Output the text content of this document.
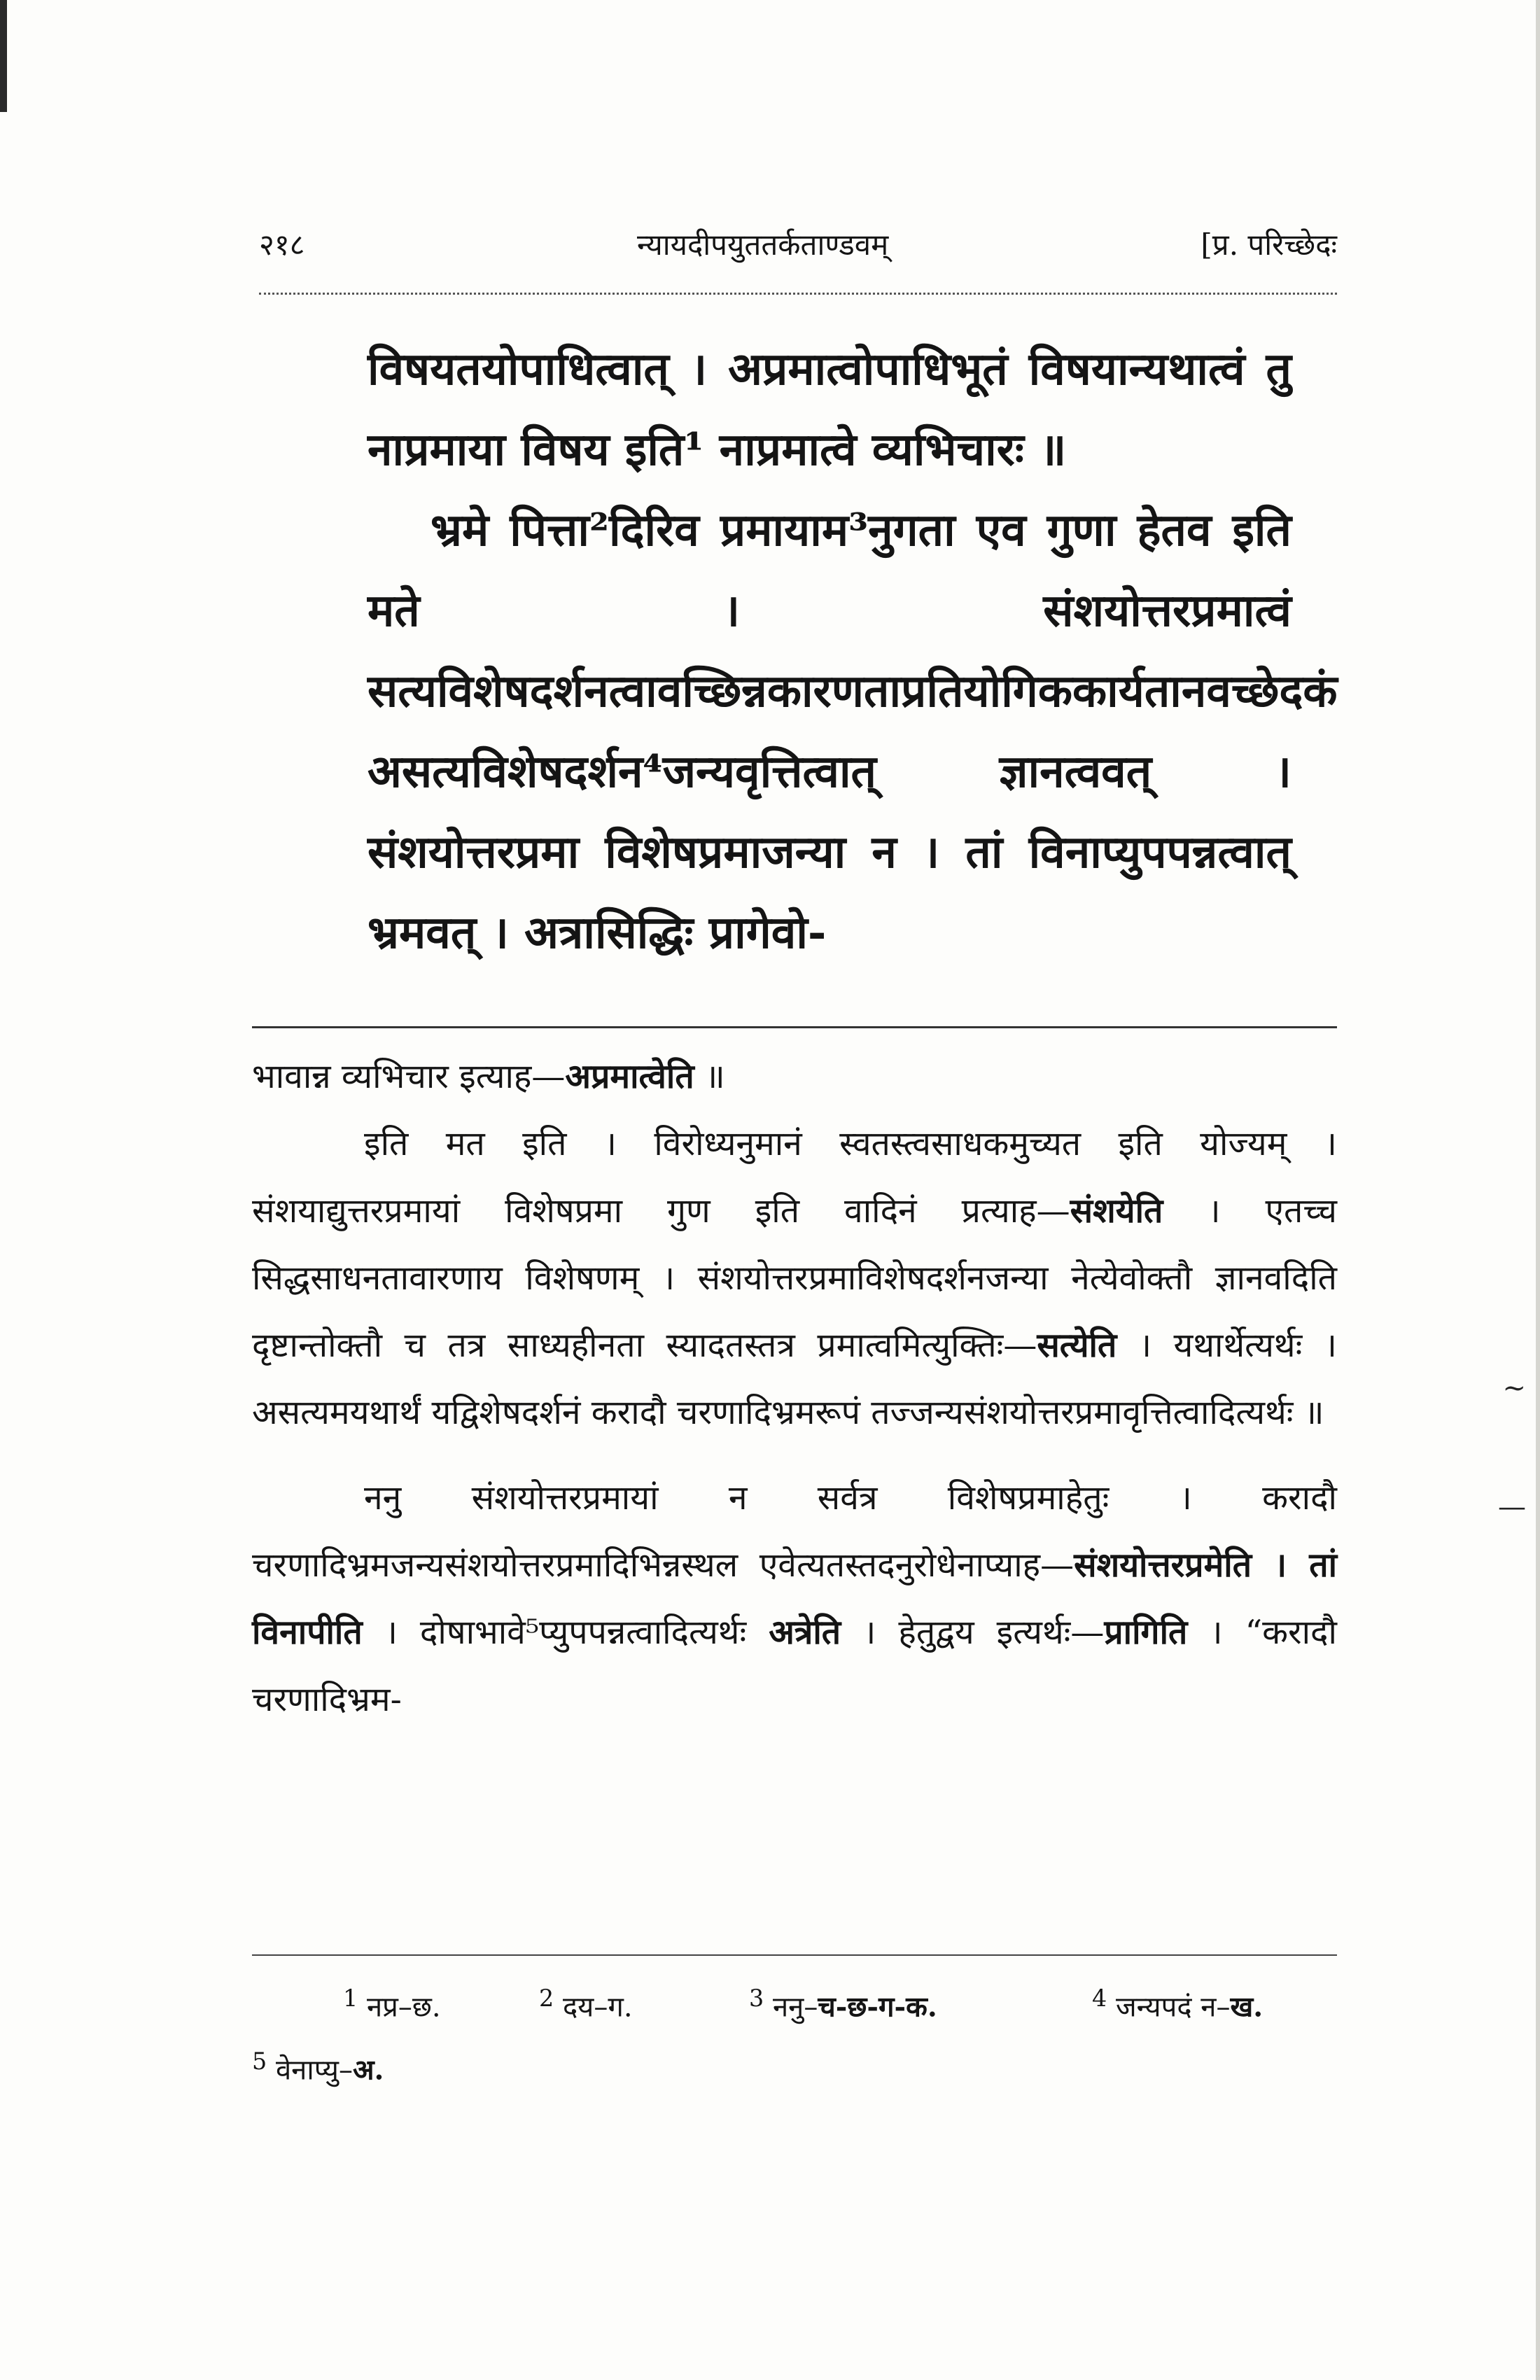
२१८	न्यायदीपयुततर्कताण्डवम्	[प्र. परिच्छेदः

विषयतयोपाधित्वात् । अप्रमात्वोपाधिभूतं विषयान्यथात्वं तु नाप्रमाया विषय इति¹ नाप्रमात्वे व्यभिचारः ॥

भ्रमे पित्ता²दिरिव प्रमायाम³नुगता एव गुणा हेतव इति मते । संशयोत्तरप्रमात्वं सत्यविशेषदर्शनत्वावच्छिन्नकारणताप्रतियोगिककार्यतानवच्छेदकं असत्यविशेषदर्शन⁴जन्यवृत्तित्वात् ज्ञानत्ववत् । संशयोत्तरप्रमा विशेषप्रमाजन्या न । तां विनाप्युपपन्नत्वात् भ्रमवत् । अत्रासिद्धिः प्रागेवो-

भावान्न व्यभिचार इत्याह—अप्रमात्वेति ॥

इति मत इति । विरोध्यनुमानं स्वतस्त्वसाधकमुच्यत इति योज्यम् । संशयाद्युत्तरप्रमायां विशेषप्रमा गुण इति वादिनं प्रत्याह—संशयेति । एतच्च सिद्धसाधनतावारणाय विशेषणम् । संशयोत्तरप्रमाविशेषदर्शनजन्या नेत्येवोक्तौ ज्ञानवदिति दृष्टान्तोक्तौ च तत्र साध्यहीनता स्यादतस्तत्र प्रमात्वमित्युक्तिः—सत्येति । यथार्थेत्यर्थः । असत्यमयथार्थं यद्विशेषदर्शनं करादौ चरणादिभ्रमरूपं तज्जन्यसंशयोत्तरप्रमावृत्तित्वादित्यर्थः ॥

ननु संशयोत्तरप्रमायां न सर्वत्र विशेषप्रमाहेतुः । करादौ चरणादिभ्रमजन्यसंशयोत्तरप्रमादिभिन्नस्थल एवेत्यतस्तदनुरोधेनाप्याह—संशयोत्तरप्रमेति । तां विनापीति । दोषाभावे⁵प्युपपन्नत्वादित्यर्थः अत्रेति । हेतुद्वय इत्यर्थः—प्रागिति । “करादौ चरणादिभ्रम-

$^1$ नप्र–छ.	$^2$ दय–ग.	$^3$ ननु–च-छ-ग-क.	$^4$ जन्यपदं न–ख.
$^5$ वेनाप्यु–अ.
~
—
